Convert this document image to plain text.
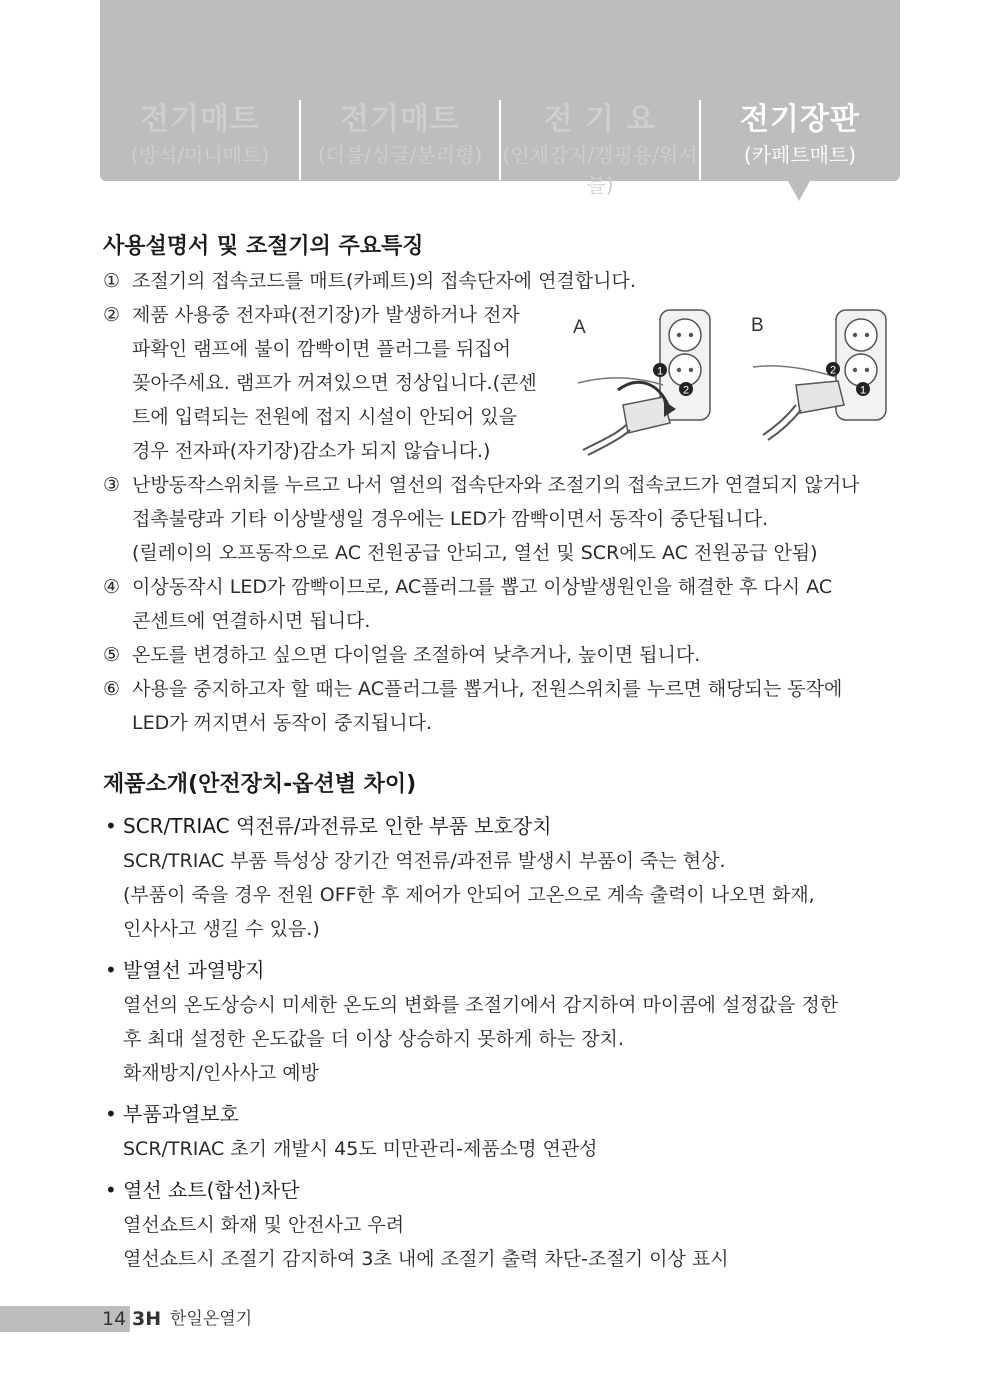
전기매트
(방석/미니매트)
전기매트
(더블/싱글/분리형)
전 기 요
(인체감지/캠핑용/워셔블)
전기장판
(카페트매트)
A	B
1
2
2
1
사용설명서 및 조절기의 주요특징
① 조절기의 접속코드를 매트(카페트)의 접속단자에 연결합니다.
② 제품 사용중 전자파(전기장)가 발생하거나 전자
파확인 램프에 불이 깜빡이면 플러그를 뒤집어
꽂아주세요. 램프가 꺼져있으면 정상입니다.(콘센
트에 입력되는 전원에 접지 시설이 안되어 있을
경우 전자파(자기장)감소가 되지 않습니다.)
③ 난방동작스위치를 누르고 나서 열선의 접속단자와 조절기의 접속코드가 연결되지 않거나
접촉불량과 기타 이상발생일 경우에는 LED가 깜빡이면서 동작이 중단됩니다.
(릴레이의 오프동작으로 AC 전원공급 안되고, 열선 및 SCR에도 AC 전원공급 안됨)
④ 이상동작시 LED가 깜빡이므로, AC플러그를 뽑고 이상발생원인을 해결한 후 다시 AC
콘센트에 연결하시면 됩니다.
⑤ 온도를 변경하고 싶으면 다이얼을 조절하여 낮추거나, 높이면 됩니다.
⑥ 사용을 중지하고자 할 때는 AC플러그를 뽑거나, 전원스위치를 누르면 해당되는 동작에
LED가 꺼지면서 동작이 중지됩니다.
제품소개(안전장치-옵션별 차이)
• SCR/TRIAC 역전류/과전류로 인한 부품 보호장치
SCR/TRIAC 부품 특성상 장기간 역전류/과전류 발생시 부품이 죽는 현상.
(부품이 죽을 경우 전원 OFF한 후 제어가 안되어 고온으로 계속 출력이 나오면 화재,
인사사고 생길 수 있음.)
• 발열선 과열방지
열선의 온도상승시 미세한 온도의 변화를 조절기에서 감지하여 마이콤에 설정값을 정한
후 최대 설정한 온도값을 더 이상 상승하지 못하게 하는 장치.
화재방지/인사사고 예방
• 부품과열보호
SCR/TRIAC 초기 개발시 45도 미만관리-제품소명 연관성
• 열선 쇼트(합선)차단
열선쇼트시 화재 및 안전사고 우려
열선쇼트시 조절기 감지하여 3초 내에 조절기 출력 차단-조절기 이상 표시
14 3H 한일온열기
